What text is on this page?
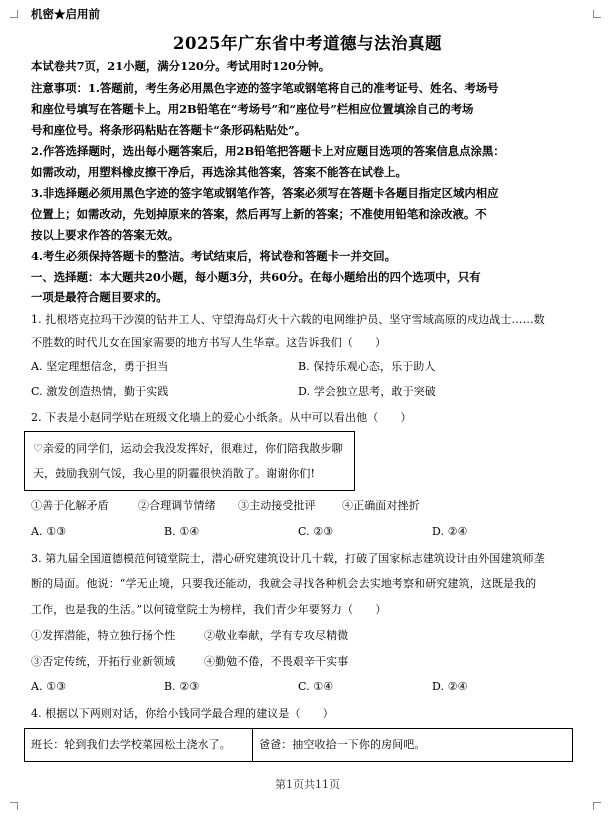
机密★启用前
2025年广东省中考道德与法治真题
本试卷共7页，21小题，满分120分。考试用时120分钟。
注意事项：1.答题前，考生务必用黑色字迹的签字笔或钢笔将自己的准考证号、姓名、考场号
和座位号填写在答题卡上。用2B铅笔在“考场号”和“座位号”栏相应位置填涂自己的考场
号和座位号。将条形码粘贴在答题卡“条形码粘贴处”。
2.作答选择题时，选出每小题答案后，用2B铅笔把答题卡上对应题目选项的答案信息点涂黑：
如需改动，用塑料橡皮擦干净后，再选涂其他答案，答案不能答在试卷上。
3.非选择题必须用黑色字迹的签字笔或钢笔作答，答案必须写在答题卡各题目指定区域内相应
位置上；如需改动，先划掉原来的答案，然后再写上新的答案；不准使用铅笔和涂改液。不
按以上要求作答的答案无效。
4.考生必须保持答题卡的整洁。考试结束后，将试卷和答题卡一并交回。
一、选择题：本大题共20小题，每小题3分，共60分。在每小题给出的四个选项中，只有
一项是最符合题目要求的。
1. 扎根塔克拉玛干沙漠的钻井工人、守望海岛灯火十六载的电网维护员、坚守雪域高原的戍边战士……数
不胜数的时代儿女在国家需要的地方书写人生华章。这告诉我们（　　）
A. 坚定理想信念，勇于担当	B. 保持乐观心态，乐于助人
C. 激发创造热情，勤于实践	D. 学会独立思考，敢于突破
2. 下表是小赵同学贴在班级文化墙上的爱心小纸条。从中可以看出他（　　）
♡亲爱的同学们，运动会我没发挥好，很难过，你们陪我散步聊
天，鼓励我别气馁，我心里的阴霾很快消散了。谢谢你们!
①善于化解矛盾	②合理调节情绪 ③主动接受批评 ④正确面对挫折
A. ①③	B. ①④	C. ②③	D. ②④
3. 第九届全国道德模范何镜堂院士，潜心研究建筑设计几十载，打破了国家标志建筑设计由外国建筑师垄
断的局面。他说：“学无止境，只要我还能动，我就会寻找各种机会去实地考察和研究建筑，这既是我的
工作，也是我的生活。”以何镜堂院士为榜样，我们青少年要努力（　　）
①发挥潜能，特立独行扬个性	②敬业奉献，学有专攻尽精微
③否定传统，开拓行业新领域	④勤勉不倦，不畏艰辛干实事
A. ①③	B. ②③	C. ①④	D. ②④
4. 根据以下两则对话，你给小钱同学最合理的建议是（　　）
班长：轮到我们去学校菜园松土浇水了。	爸爸：抽空收拾一下你的房间吧。
第1页共11页
